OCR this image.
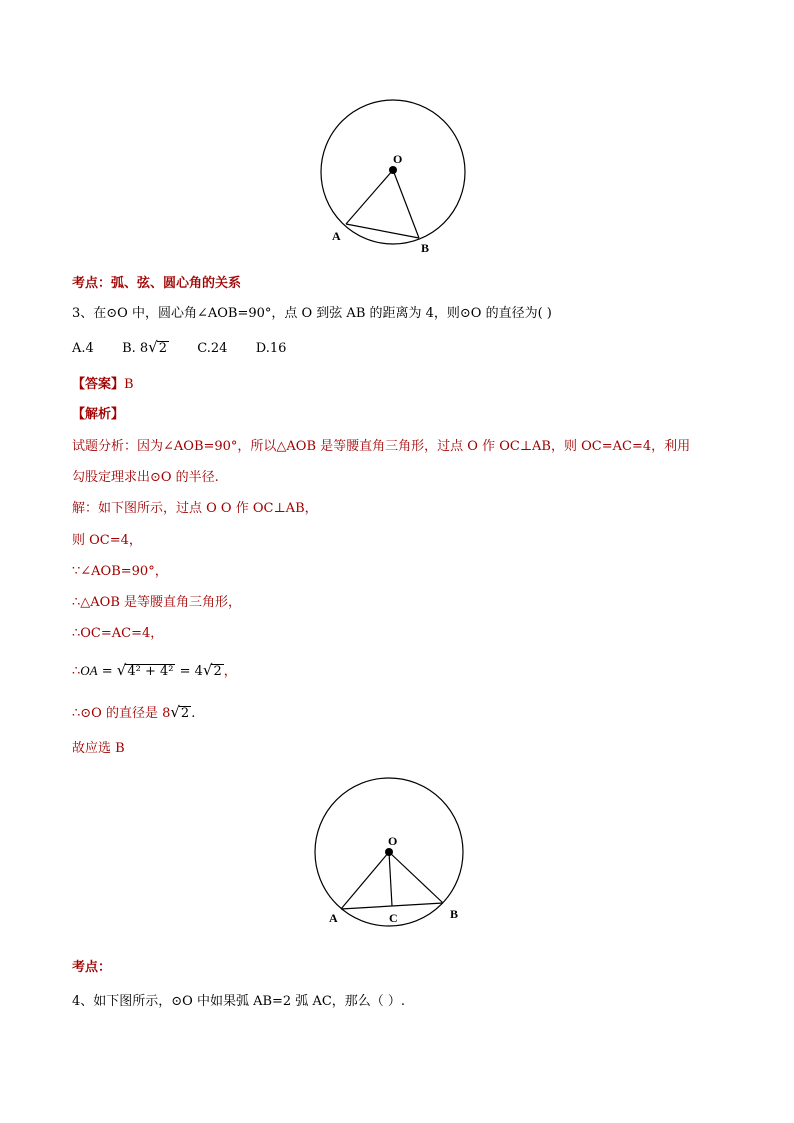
O
A
B
考点：弧、弦、圆心角的关系
3、在⊙O 中，圆心角∠AOB=90°，点 O 到弦 AB 的距离为 4，则⊙O 的直径为( )
A.4 B. 8√2 C.24 D.16
【答案】B
【解析】
试题分析：因为∠AOB=90°，所以△AOB 是等腰直角三角形，过点 O 作 OC⊥AB，则 OC=AC=4，利用
勾股定理求出⊙O 的半径.
解：如下图所示，过点 O O 作 OC⊥AB，
则 OC=4，
∵∠AOB=90°，
∴△AOB 是等腰直角三角形，
∴OC=AC=4，
∴OA = √4² + 4² = 4√2 ，
∴⊙O 的直径是 8√2 .
故应选 B
O
A	B
C
考点：
4、如下图所示，⊙O 中如果弧 AB=2 弧 AC，那么（ ）.
